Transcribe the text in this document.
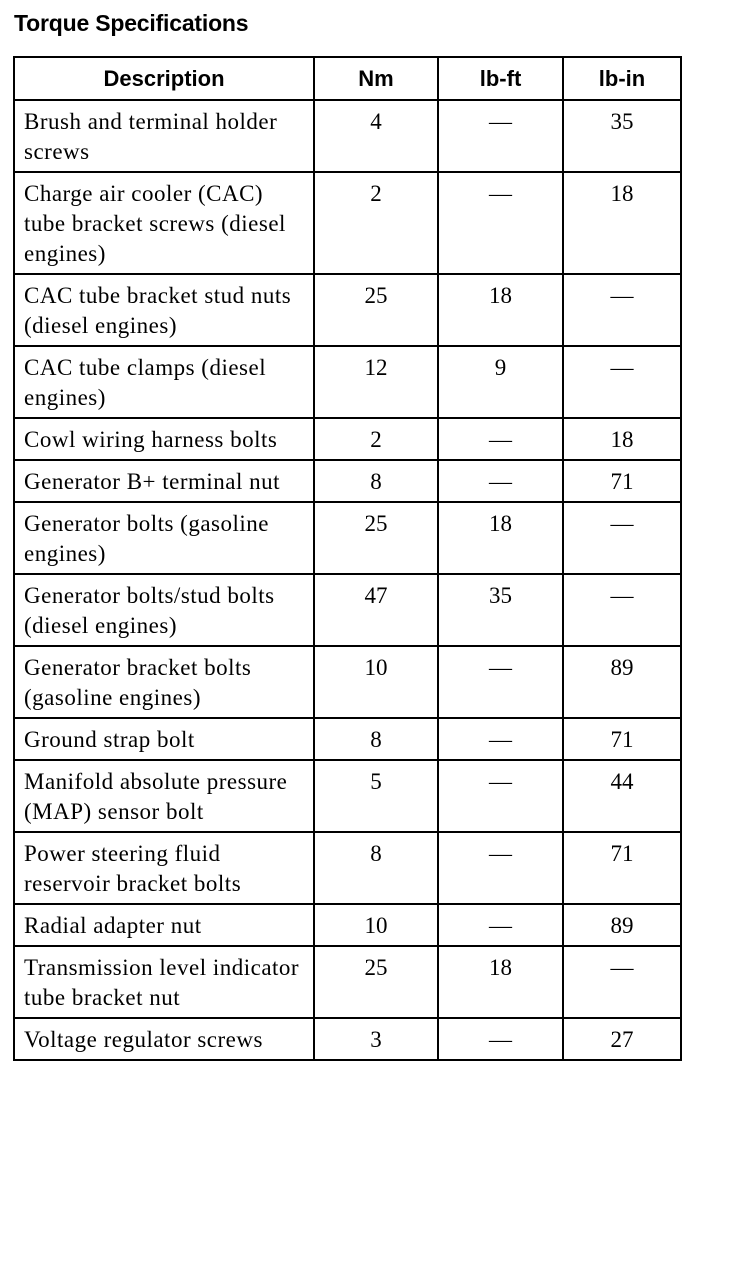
Torque Specifications
Description	Nm	lb-ft	lb-in
Brush and terminal holder screws	4	—	35
Charge air cooler (CAC) tube bracket screws (diesel engines)	2	—	18
CAC tube bracket stud nuts (diesel engines)	25	18	—
CAC tube clamps (diesel engines)	12	9	—
Cowl wiring harness bolts	2	—	18
Generator B+ terminal nut	8	—	71
Generator bolts (gasoline engines)	25	18	—
Generator bolts/stud bolts (diesel engines)	47	35	—
Generator bracket bolts (gasoline engines)	10	—	89
Ground strap bolt	8	—	71
Manifold absolute pressure (MAP) sensor bolt	5	—	44
Power steering fluid reservoir bracket bolts	8	—	71
Radial adapter nut	10	—	89
Transmission level indicator tube bracket nut	25	18	—
Voltage regulator screws	3	—	27
